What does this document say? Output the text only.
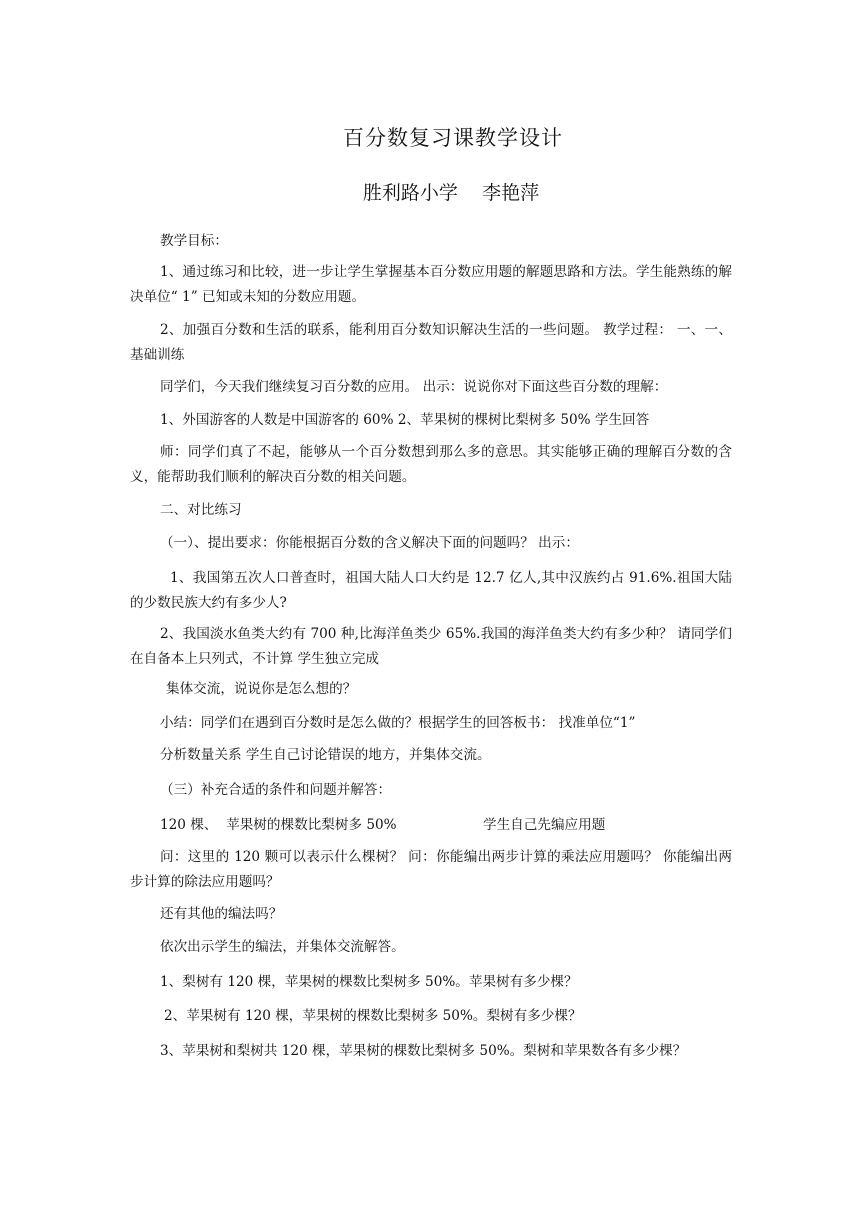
百分数复习课教学设计
胜利路小学    李艳萍
教学目标：
1、通过练习和比较，进一步让学生掌握基本百分数应用题的解题思路和方法。学生能熟练的解决单位“ 1” 已知或未知的分数应用题。
2、加强百分数和生活的联系，能利用百分数知识解决生活的一些问题。 教学过程： 一、一、基础训练
同学们，今天我们继续复习百分数的应用。 出示：说说你对下面这些百分数的理解：
1、外国游客的人数是中国游客的 60% 2、苹果树的棵树比梨树多 50% 学生回答
师：同学们真了不起，能够从一个百分数想到那么多的意思。其实能够正确的理解百分数的含义，能帮助我们顺利的解决百分数的相关问题。
二、对比练习
（一）、提出要求：你能根据百分数的含义解决下面的问题吗？ 出示：
1、我国第五次人口普查时，祖国大陆人口大约是 12.7 亿人,其中汉族约占 91.6%.祖国大陆的少数民族大约有多少人?
2、我国淡水鱼类大约有 700 种,比海洋鱼类少 65%.我国的海洋鱼类大约有多少种？ 请同学们在自备本上只列式，不计算 学生独立完成
集体交流，说说你是怎么想的？
小结：同学们在遇到百分数时是怎么做的？根据学生的回答板书： 找准单位“1”
分析数量关系 学生自己讨论错误的地方，并集体交流。
（三）补充合适的条件和问题并解答：
120 棵、  苹果树的棵数比梨树多 50%                    学生自己先编应用题
问：这里的 120 颗可以表示什么棵树？ 问：你能编出两步计算的乘法应用题吗？ 你能编出两步计算的除法应用题吗？
还有其他的编法吗？
依次出示学生的编法，并集体交流解答。
1、梨树有 120 棵，苹果树的棵数比梨树多 50%。苹果树有多少棵？
2、苹果树有 120 棵，苹果树的棵数比梨树多 50%。梨树有多少棵？
3、苹果树和梨树共 120 棵，苹果树的棵数比梨树多 50%。梨树和苹果数各有多少棵？
